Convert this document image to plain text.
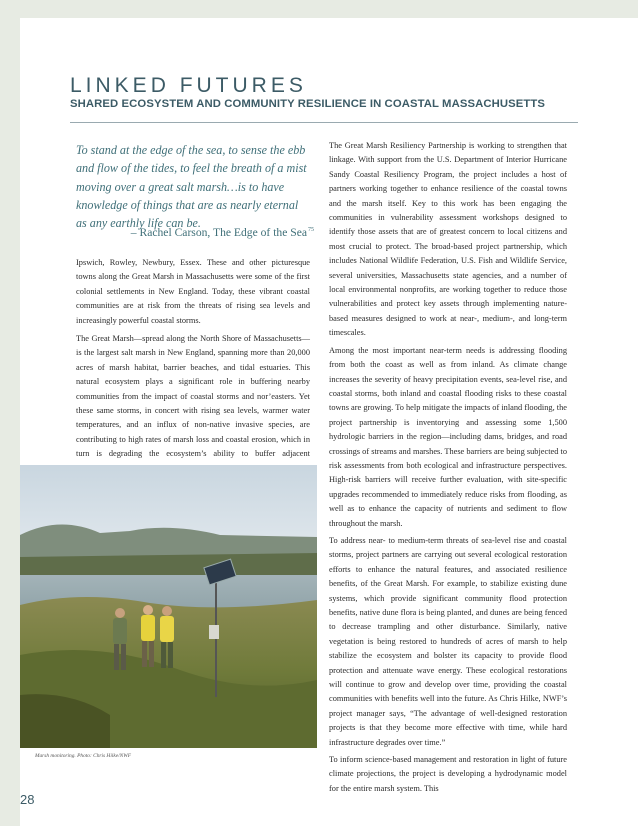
LINKED FUTURES
SHARED ECOSYSTEM AND COMMUNITY RESILIENCE IN COASTAL MASSACHUSETTS
To stand at the edge of the sea, to sense the ebb and flow of the tides, to feel the breath of a mist moving over a great salt marsh…is to have knowledge of things that are as nearly eternal as any earthly life can be.
– Rachel Carson, The Edge of the Sea$^{75}$

Ipswich, Rowley, Newbury, Essex. These and other picturesque towns along the Great Marsh in Massachusetts were some of the first colonial settlements in New England. Today, these vibrant coastal communities are at risk from the threats of rising sea levels and increasingly powerful coastal storms.

The Great Marsh—spread along the North Shore of Massachusetts—is the largest salt marsh in New England, spanning more than 20,000 acres of marsh habitat, barrier beaches, and tidal estuaries. This natural ecosystem plays a significant role in buffering nearby communities from the impact of coastal storms and nor’easters. Yet these same storms, in concert with rising sea levels, warmer water temperatures, and an influx of non-native invasive species, are contributing to high rates of marsh loss and coastal erosion, which in turn is degrading the ecosystem’s ability to buffer adjacent

The Great Marsh Resiliency Partnership is working to strengthen that linkage. With support from the U.S. Department of Interior Hurricane Sandy Coastal Resiliency Program, the project includes a host of partners working together to enhance resilience of the coastal towns and the marsh itself. Key to this work has been engaging the communities in vulnerability assessment workshops designed to identify those assets that are of greatest concern to local citizens and most crucial to protect. The broad-based project partnership, which includes National Wildlife Federation, U.S. Fish and Wildlife Service, several universities, Massachusetts state agencies, and a number of local environmental nonprofits, are working together to reduce those vulnerabilities and protect key assets through implementing nature-based measures designed to work at near-, medium-, and long-term timescales.

Among the most important near-term needs is addressing flooding from both the coast as well as from inland. As climate change increases the severity of heavy precipitation events, sea-level rise, and coastal storms, both inland and coastal flooding risks to these coastal towns are growing. To help mitigate the impacts of inland flooding, the project partnership is inventorying and assessing some 1,500 hydrologic barriers in the region—including dams, bridges, and road crossings of streams and marshes. These barriers are being subjected to risk assessments from both ecological and infrastructure perspectives. High-risk barriers will receive further evaluation, with site-specific upgrades recommended to immediately reduce risks from flooding, as well as to enhance the capacity of nutrients and sediment to flow throughout the marsh.

To address near- to medium-term threats of sea-level rise and coastal storms, project partners are carrying out several ecological restoration efforts to enhance the natural features, and associated resilience benefits, of the Great Marsh. For example, to stabilize existing dune systems, which provide significant community flood protection benefits, native dune flora is being planted, and dunes are being fenced to decrease trampling and other disturbance. Similarly, native vegetation is being restored to hundreds of acres of marsh to help stabilize the ecosystem and bolster its capacity to provide flood protection and attenuate wave energy. These ecological restorations will continue to grow and develop over time, providing the coastal communities with benefits well into the future. As Chris Hilke, NWF’s project manager says, “The advantage of well-designed restoration projects is that they become more effective with time, while hard infrastructure degrades over time.”

To inform science-based management and restoration in light of future climate projections, the project is developing a hydrodynamic model for the entire marsh system. This

Marsh monitoring. Photo: Chris Hilke/NWF
28
